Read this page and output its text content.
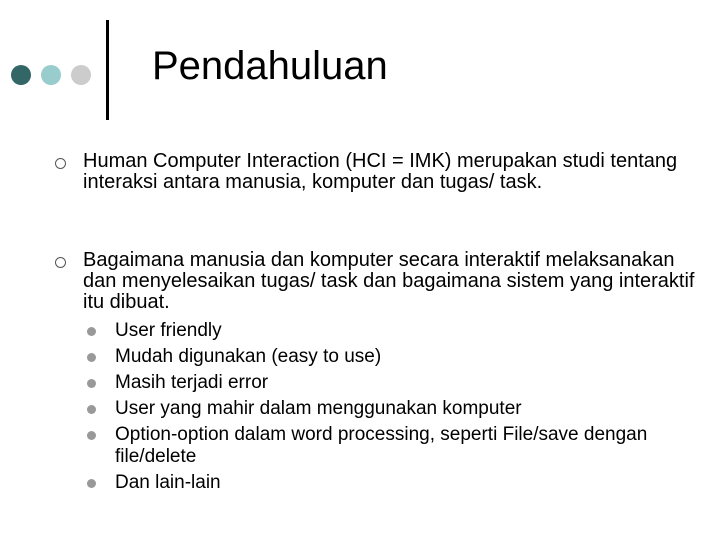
Pendahuluan
Human Computer Interaction (HCI = IMK) merupakan studi tentang interaksi antara manusia, komputer dan tugas/ task.
Bagaimana manusia dan komputer secara interaktif melaksanakan dan menyelesaikan tugas/ task dan bagaimana sistem yang interaktif itu dibuat.
User friendly
Mudah digunakan (easy to use)
Masih terjadi error
User yang mahir dalam menggunakan komputer
Option-option dalam word processing, seperti File/save dengan file/delete
Dan lain-lain
